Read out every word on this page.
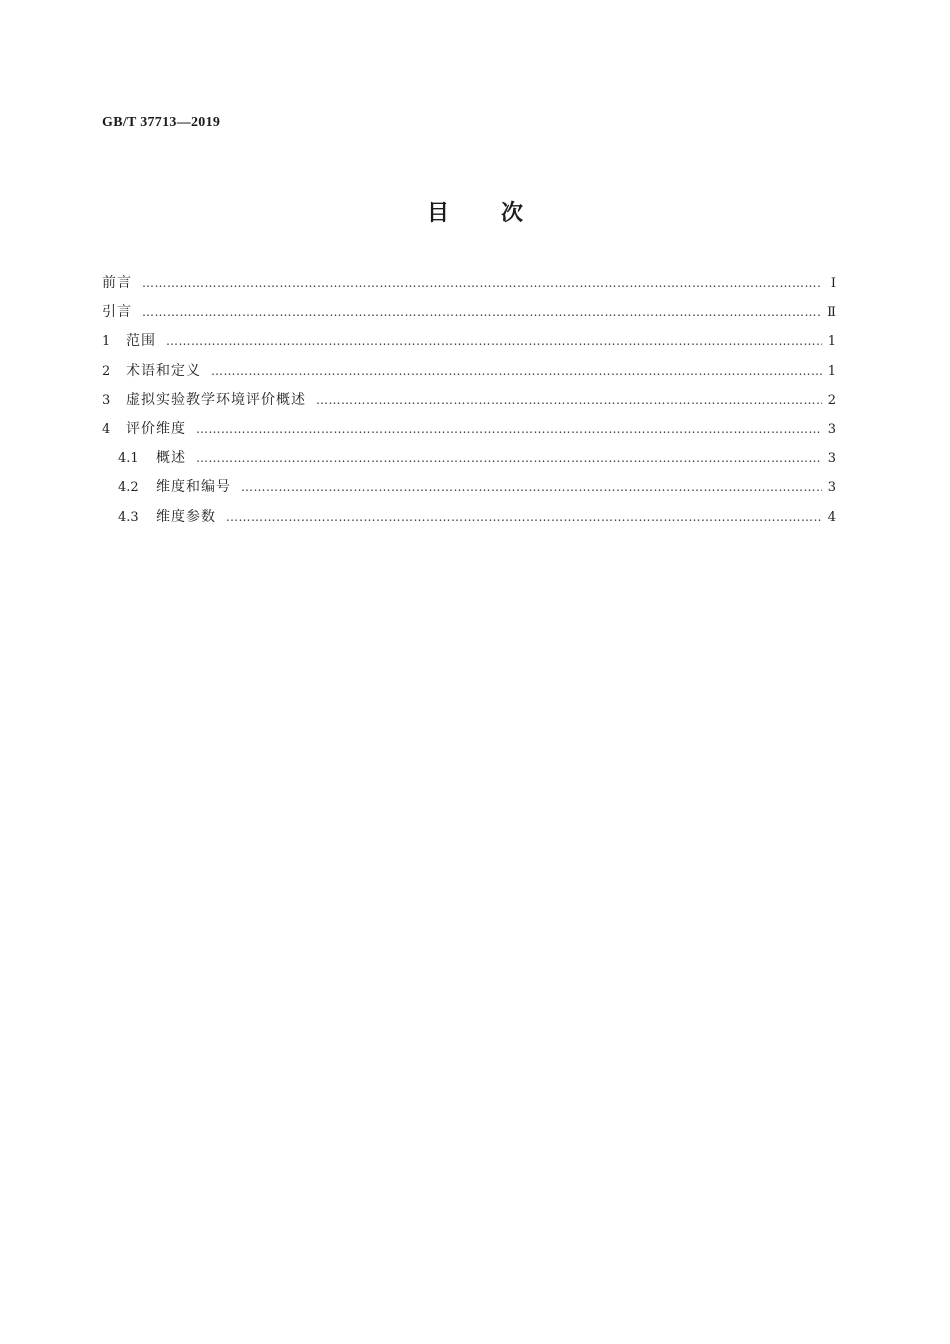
GB/T 37713—2019
目次
前言 ……………………………………………………………………………………………………………………………………………………………………………………………………………………	Ⅰ
引言 ……………………………………………………………………………………………………………………………………………………………………………………………………………………	Ⅱ
1	范围 ……………………………………………………………………………………………………………………………………………………………………………………………………………………	1
2	术语和定义 ……………………………………………………………………………………………………………………………………………………………………………………………………………………	1
3	虚拟实验教学环境评价概述 ……………………………………………………………………………………………………………………………………………………………………………………………………………………	2
4	评价维度 ……………………………………………………………………………………………………………………………………………………………………………………………………………………	3
4.1	概述 ……………………………………………………………………………………………………………………………………………………………………………………………………………………	3
4.2	维度和编号 ……………………………………………………………………………………………………………………………………………………………………………………………………………………	3
4.3	维度参数 ……………………………………………………………………………………………………………………………………………………………………………………………………………………	4
